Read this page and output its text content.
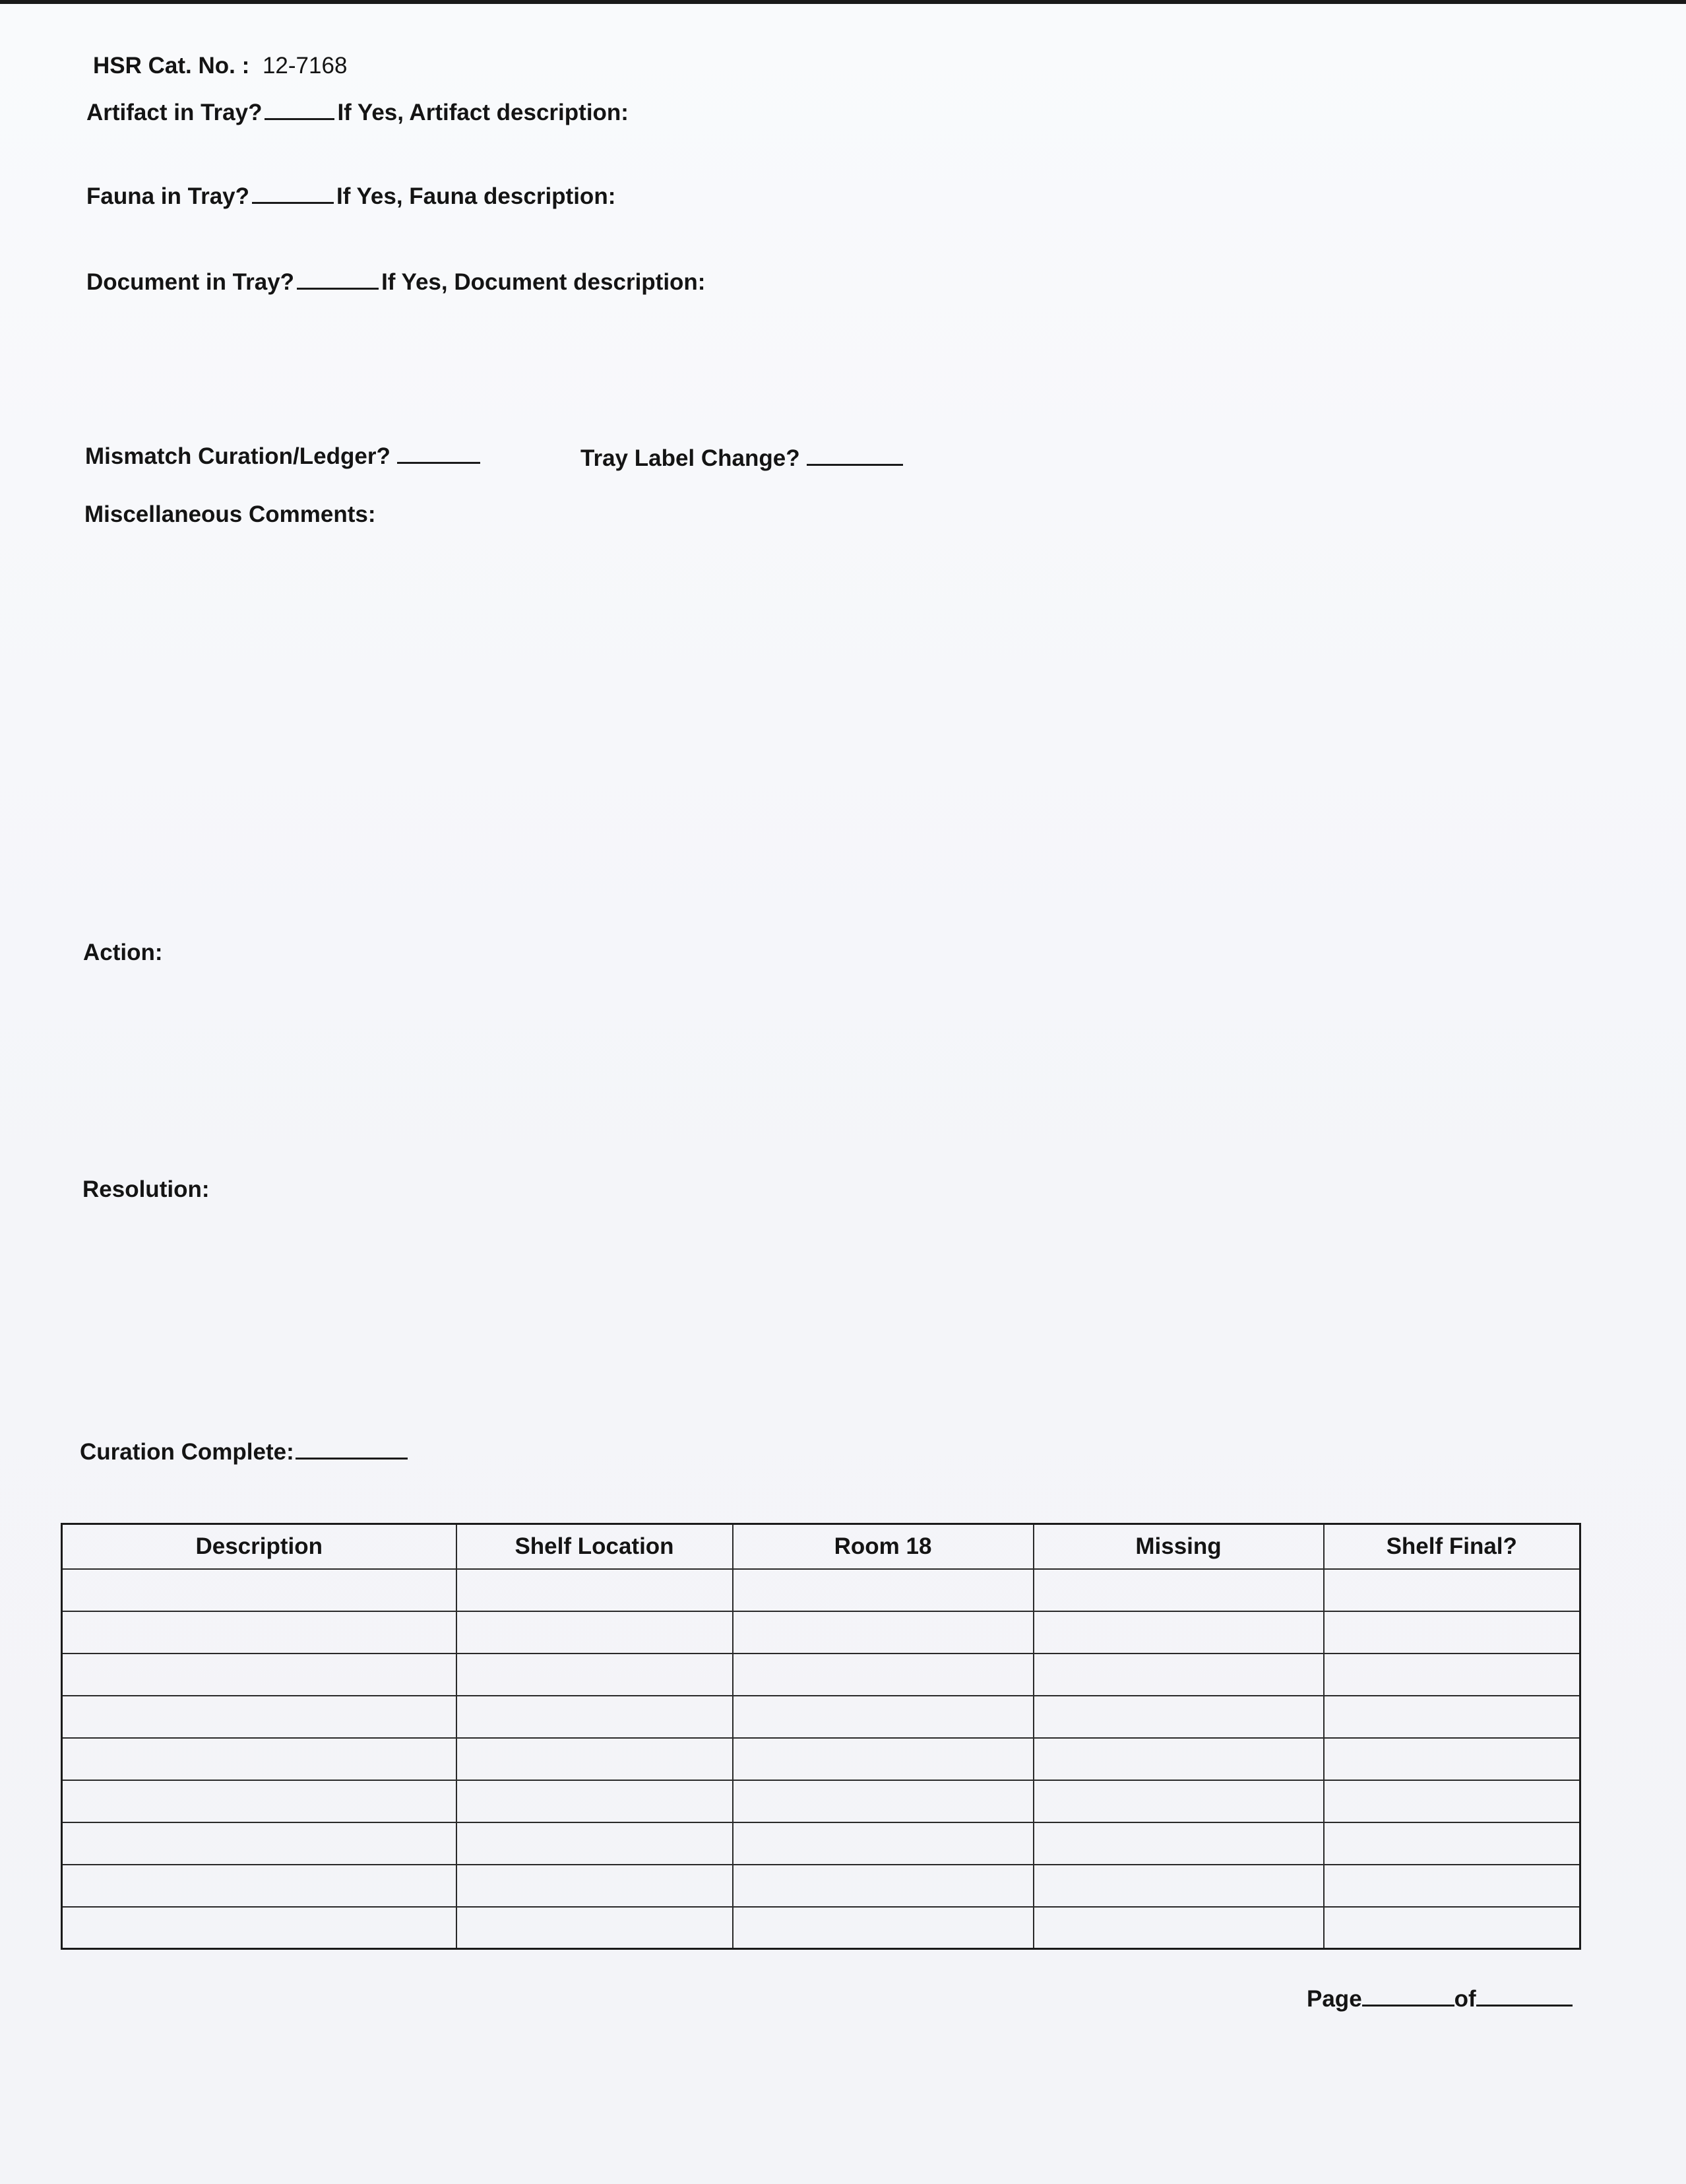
HSR Cat. No. : 12-7168
Artifact in Tray?	If Yes, Artifact description:
Fauna in Tray?	If Yes, Fauna description:
Document in Tray?	If Yes, Document description:
Mismatch Curation/Ledger?	Tray Label Change?
Miscellaneous Comments:
Action:
Resolution:
Curation Complete:
Description	Shelf Location	Room 18	Missing	Shelf Final?

Page	of
